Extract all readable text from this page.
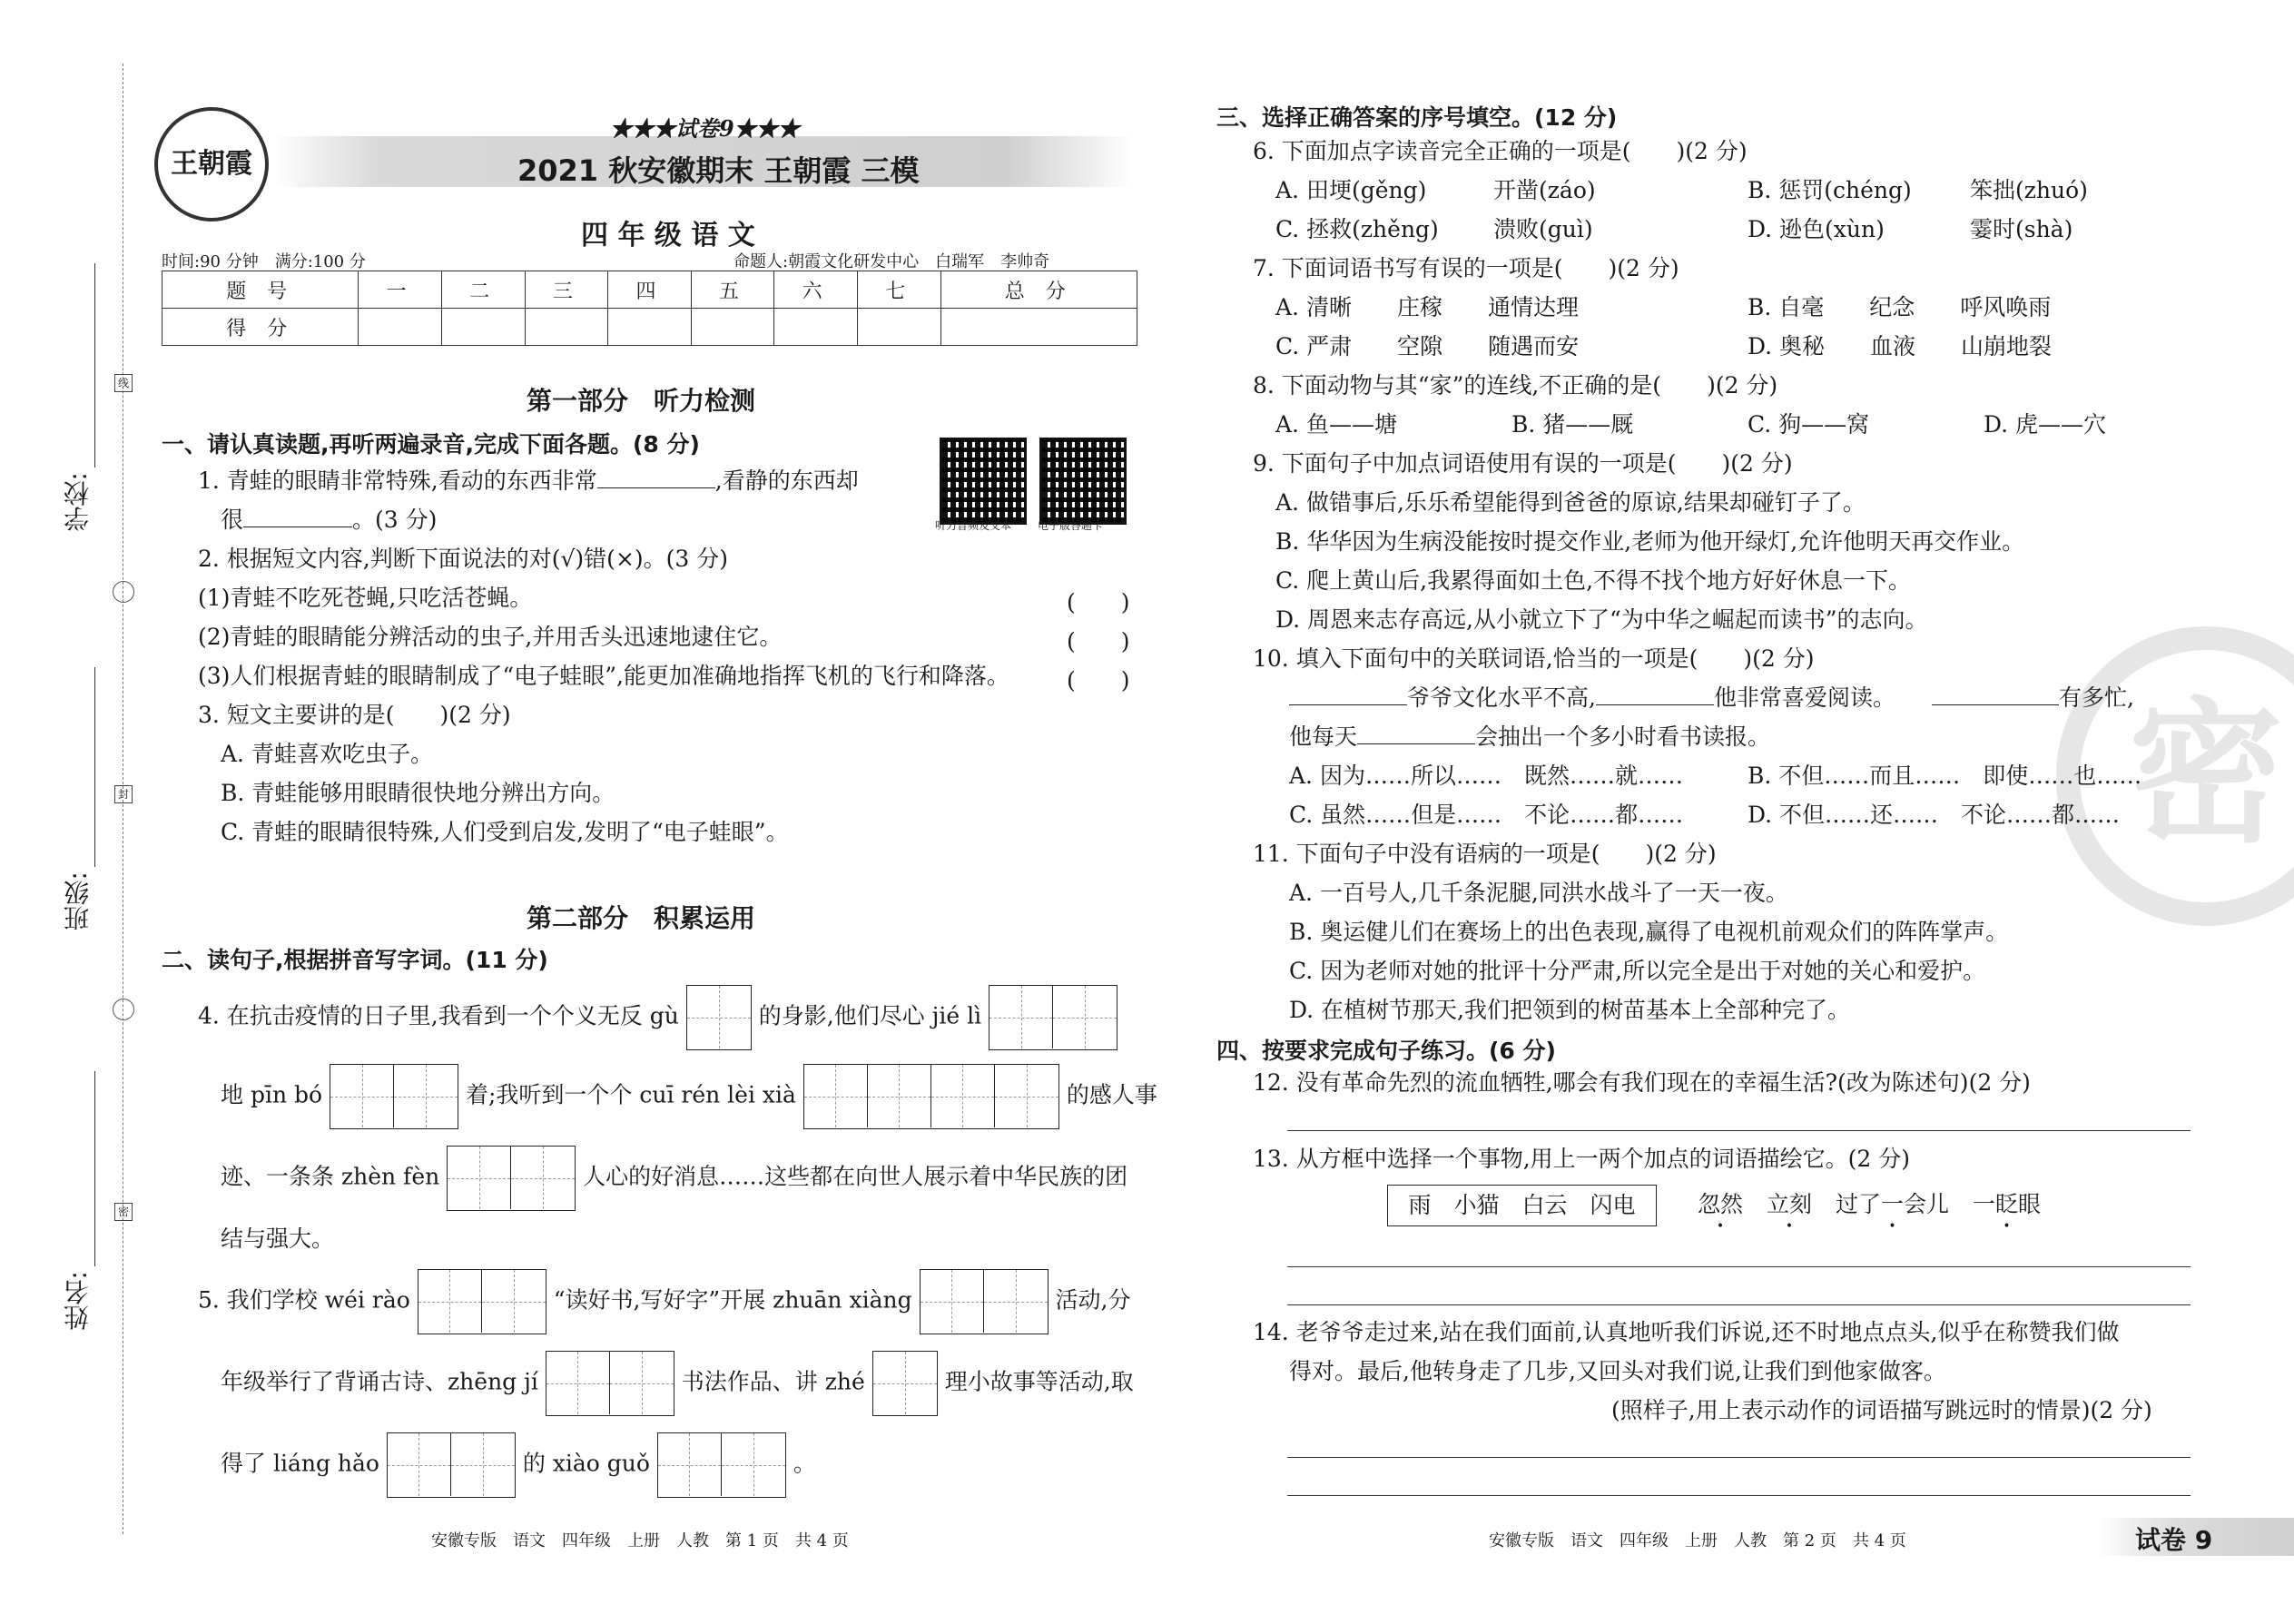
学校:
班级:
姓名:
线
封
密
王朝霞
★★★试卷9★★★
2021 秋安徽期末 王朝霞 三模
四 年 级 语 文
时间:90 分钟　满分:100 分	命题人:朝霞文化研发中心　白瑞军　李帅奇
题 号	一	二	三	四	五	六	七	总 分
得 分								
第一部分　听力检测
一、请认真读题,再听两遍录音,完成下面各题。(8 分)
听力音频及文本 电子版答题卡
1. 青蛙的眼睛非常特殊,看动的东西非常	,看静的东西却
很	。(3 分)
2. 根据短文内容,判断下面说法的对(√)错(×)。(3 分)
(1)青蛙不吃死苍蝇,只吃活苍蝇。	(　　)
(2)青蛙的眼睛能分辨活动的虫子,并用舌头迅速地逮住它。	(　　)
(3)人们根据青蛙的眼睛制成了“电子蛙眼”,能更加准确地指挥飞机的飞行和降落。	(　　)
3. 短文主要讲的是(　　)(2 分)
A. 青蛙喜欢吃虫子。
B. 青蛙能够用眼睛很快地分辨出方向。
C. 青蛙的眼睛很特殊,人们受到启发,发明了“电子蛙眼”。
第二部分　积累运用
二、读句子,根据拼音写字词。(11 分)
4. 在抗击疫情的日子里,我看到一个个义无反 gù	的身影,他们尽心 jié lì
地 pīn bó	着;我听到一个个 cuī rén lèi xià	的感人事
迹、一条条 zhèn fèn	人心的好消息……这些都在向世人展示着中华民族的团
结与强大。
5. 我们学校 wéi rào	“读好书,写好字”开展 zhuān xiàng	活动,分
年级举行了背诵古诗、zhēng jí	书法作品、讲 zhé	理小故事等活动,取
得了 liáng hǎo	的 xiào guǒ	。
安徽专版　语文　四年级　上册　人教　第 1 页　共 4 页
密
三、选择正确答案的序号填空。(12 分)
6. 下面加点字读音完全正确的一项是(　　)(2 分)
A. 田埂(gěng)	开凿(záo)	B. 惩罚(chéng)	笨拙(zhuó)
C. 拯救(zhěng) 溃败(guì)	D. 逊色(xùn)	霎时(shà)
7. 下面词语书写有误的一项是(　　)(2 分)
A. 清晰　　庄稼　　通情达理	B. 自毫　　纪念　　呼风唤雨
C. 严肃　　空隙　　随遇而安	D. 奥秘　　血液　　山崩地裂
8. 下面动物与其“家”的连线,不正确的是(　　)(2 分)
A. 鱼——塘	B. 猪——厩	C. 狗——窝	D. 虎——穴
9. 下面句子中加点词语使用有误的一项是(　　)(2 分)
A. 做错事后,乐乐希望能得到爸爸的原谅,结果却碰钉子了。
B. 华华因为生病没能按时提交作业,老师为他开绿灯,允许他明天再交作业。
C. 爬上黄山后,我累得面如土色,不得不找个地方好好休息一下。
D. 周恩来志存高远,从小就立下了“为中华之崛起而读书”的志向。
10. 填入下面句中的关联词语,恰当的一项是(　　)(2 分)
爷爷文化水平不高,	他非常喜爱阅读。	有多忙,
他每天	会抽出一个多小时看书读报。
A. 因为……所以……　既然……就……	B. 不但……而且……　即使……也……
C. 虽然……但是……　不论……都……	D. 不但……还……　不论……都……
11. 下面句子中没有语病的一项是(　　)(2 分)
A. 一百号人,几千条泥腿,同洪水战斗了一天一夜。
B. 奥运健儿们在赛场上的出色表现,赢得了电视机前观众们的阵阵掌声。
C. 因为老师对她的批评十分严肃,所以完全是出于对她的关心和爱护。
D. 在植树节那天,我们把领到的树苗基本上全部种完了。
四、按要求完成句子练习。(6 分)
12. 没有革命先烈的流血牺牲,哪会有我们现在的幸福生活?(改为陈述句)(2 分)
13. 从方框中选择一个事物,用上一两个加点的词语描绘它。(2 分)
雨　小猫　白云　闪电	忽然 立刻 过了一会儿 • 一眨眼
14. 老爷爷走过来,站在我们面前,认真地听我们诉说,还不时地点点头,似乎在称赞我们做
得对。最后,他转身走了几步,又回头对我们说,让我们到他家做客。
(照样子,用上表示动作的词语描写跳远时的情景)(2 分)
安徽专版　语文　四年级　上册　人教　第 2 页　共 4 页	试卷 9
